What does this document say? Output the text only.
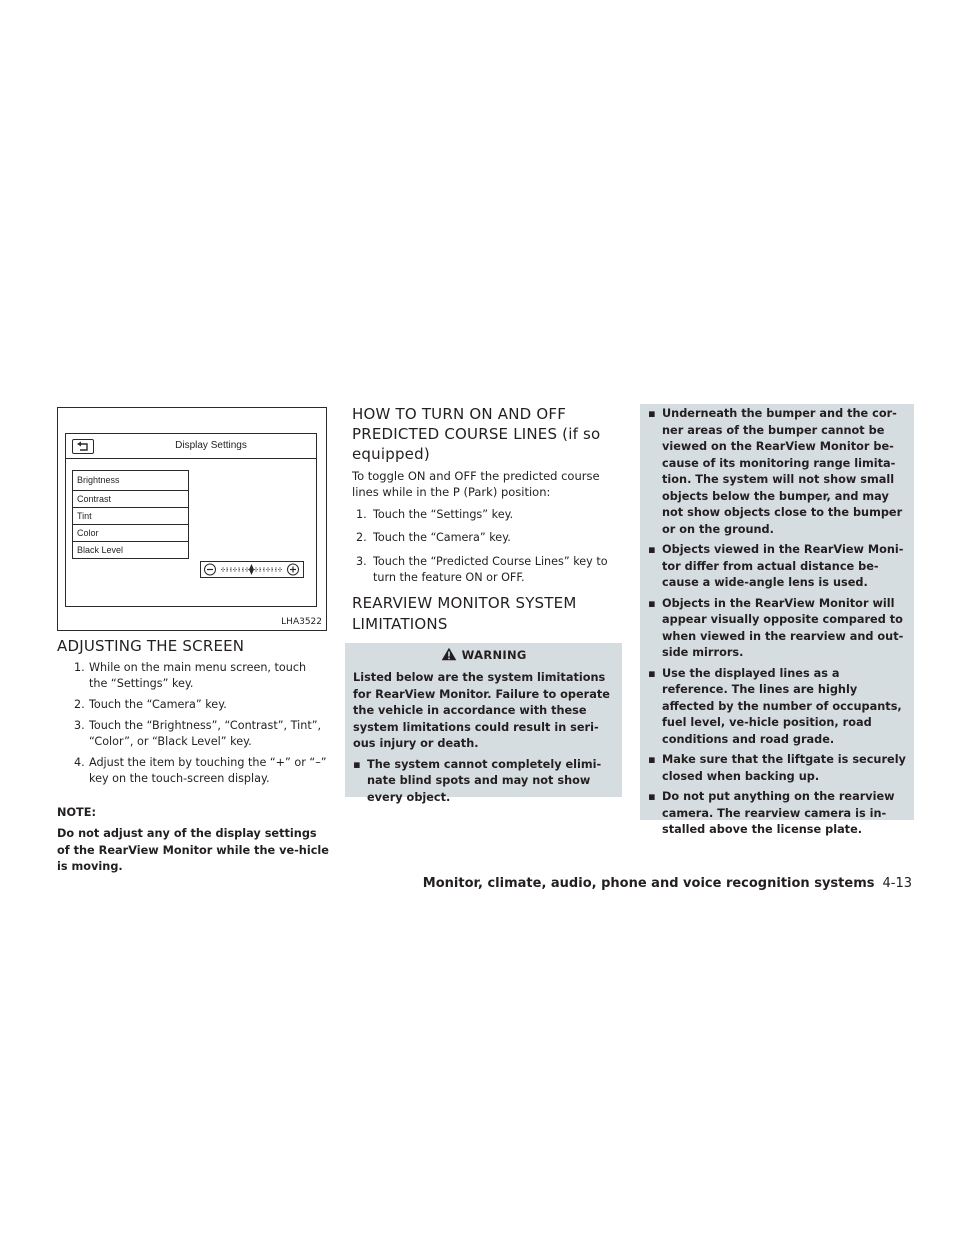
Display Settings
Brightness
Contrast
Tint
Color
Black Level
LHA3522
ADJUSTING THE SCREEN
1. While on the main menu screen, touch the “Settings” key.
2. Touch the “Camera” key.
3. Touch the “Brightness”, “Contrast”, Tint”, “Color”, or “Black Level” key.
4. Adjust the item by touching the “+” or “–” key on the touch-screen display.
NOTE:
Do not adjust any of the display settings of the RearView Monitor while the ve-hicle is moving.
HOW TO TURN ON AND OFF PREDICTED COURSE LINES (if so equipped)
To toggle ON and OFF the predicted course lines while in the P (Park) position:
1. Touch the “Settings” key.
2. Touch the “Camera” key.
3. Touch the “Predicted Course Lines” key to turn the feature ON or OFF.
REARVIEW MONITOR SYSTEM LIMITATIONS
WARNING
Listed below are the system limitations for RearView Monitor. Failure to operate the vehicle in accordance with these system limitations could result in seri-ous injury or death.
▪ The system cannot completely elimi-nate blind spots and may not show every object.
▪ Underneath the bumper and the cor-ner areas of the bumper cannot be viewed on the RearView Monitor be-cause of its monitoring range limita-tion. The system will not show small objects below the bumper, and may not show objects close to the bumper or on the ground.
▪ Objects viewed in the RearView Moni-tor differ from actual distance be-cause a wide-angle lens is used.
▪ Objects in the RearView Monitor will appear visually opposite compared to when viewed in the rearview and out-side mirrors.
▪ Use the displayed lines as a reference. The lines are highly affected by the number of occupants, fuel level, ve-hicle position, road conditions and road grade.
▪ Make sure that the liftgate is securely closed when backing up.
▪ Do not put anything on the rearview camera. The rearview camera is in-stalled above the license plate.
Monitor, climate, audio, phone and voice recognition systems 4-13
